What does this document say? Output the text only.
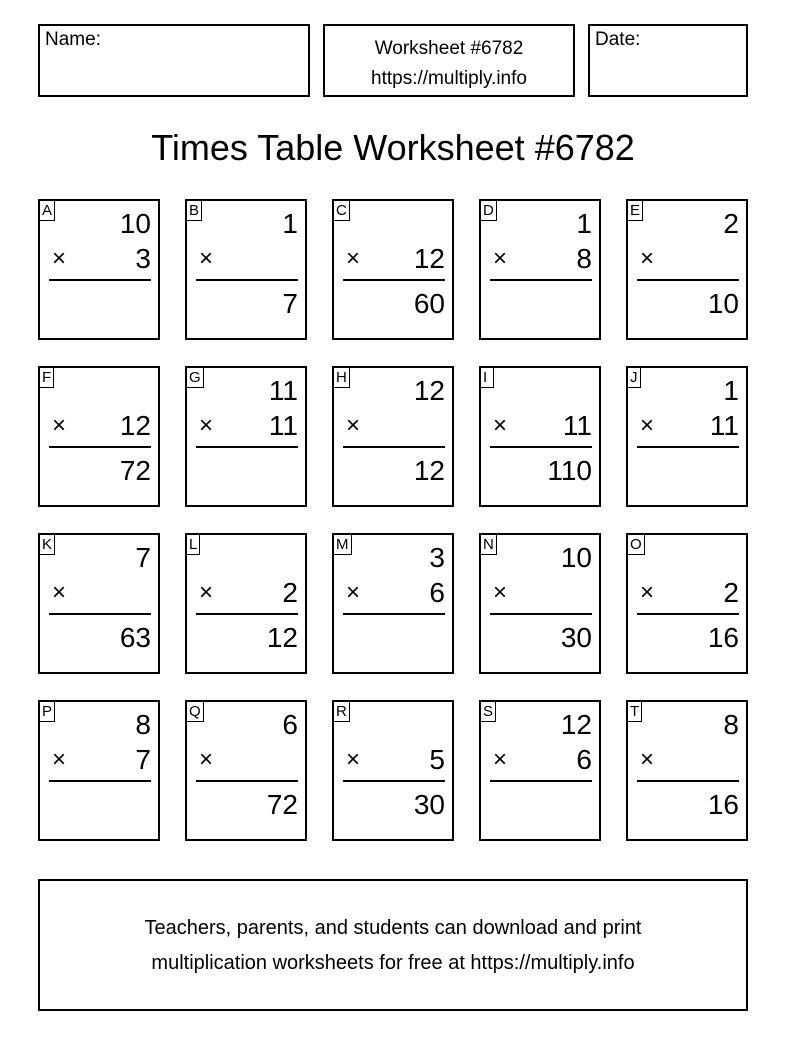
Name:	Worksheet #6782
https://multiply.info
Date:
Times Table Worksheet #6782
A 10
× 3
B	1
×
7
C
× 12
60
D	1
× 8
E	2
×
10
F
× 12
72
G 11
× 11
H 12
×
12
I
× 11
110
J	1
× 11
K	7
×
63
L
× 2
12
M	3
× 6
N 10
×
30
O
× 2
16
P	8
× 7
Q	6
×
72
R
× 5
30
S 12
× 6
T	8
×
16
Teachers, parents, and students can download and print
multiplication worksheets for free at https://multiply.info
